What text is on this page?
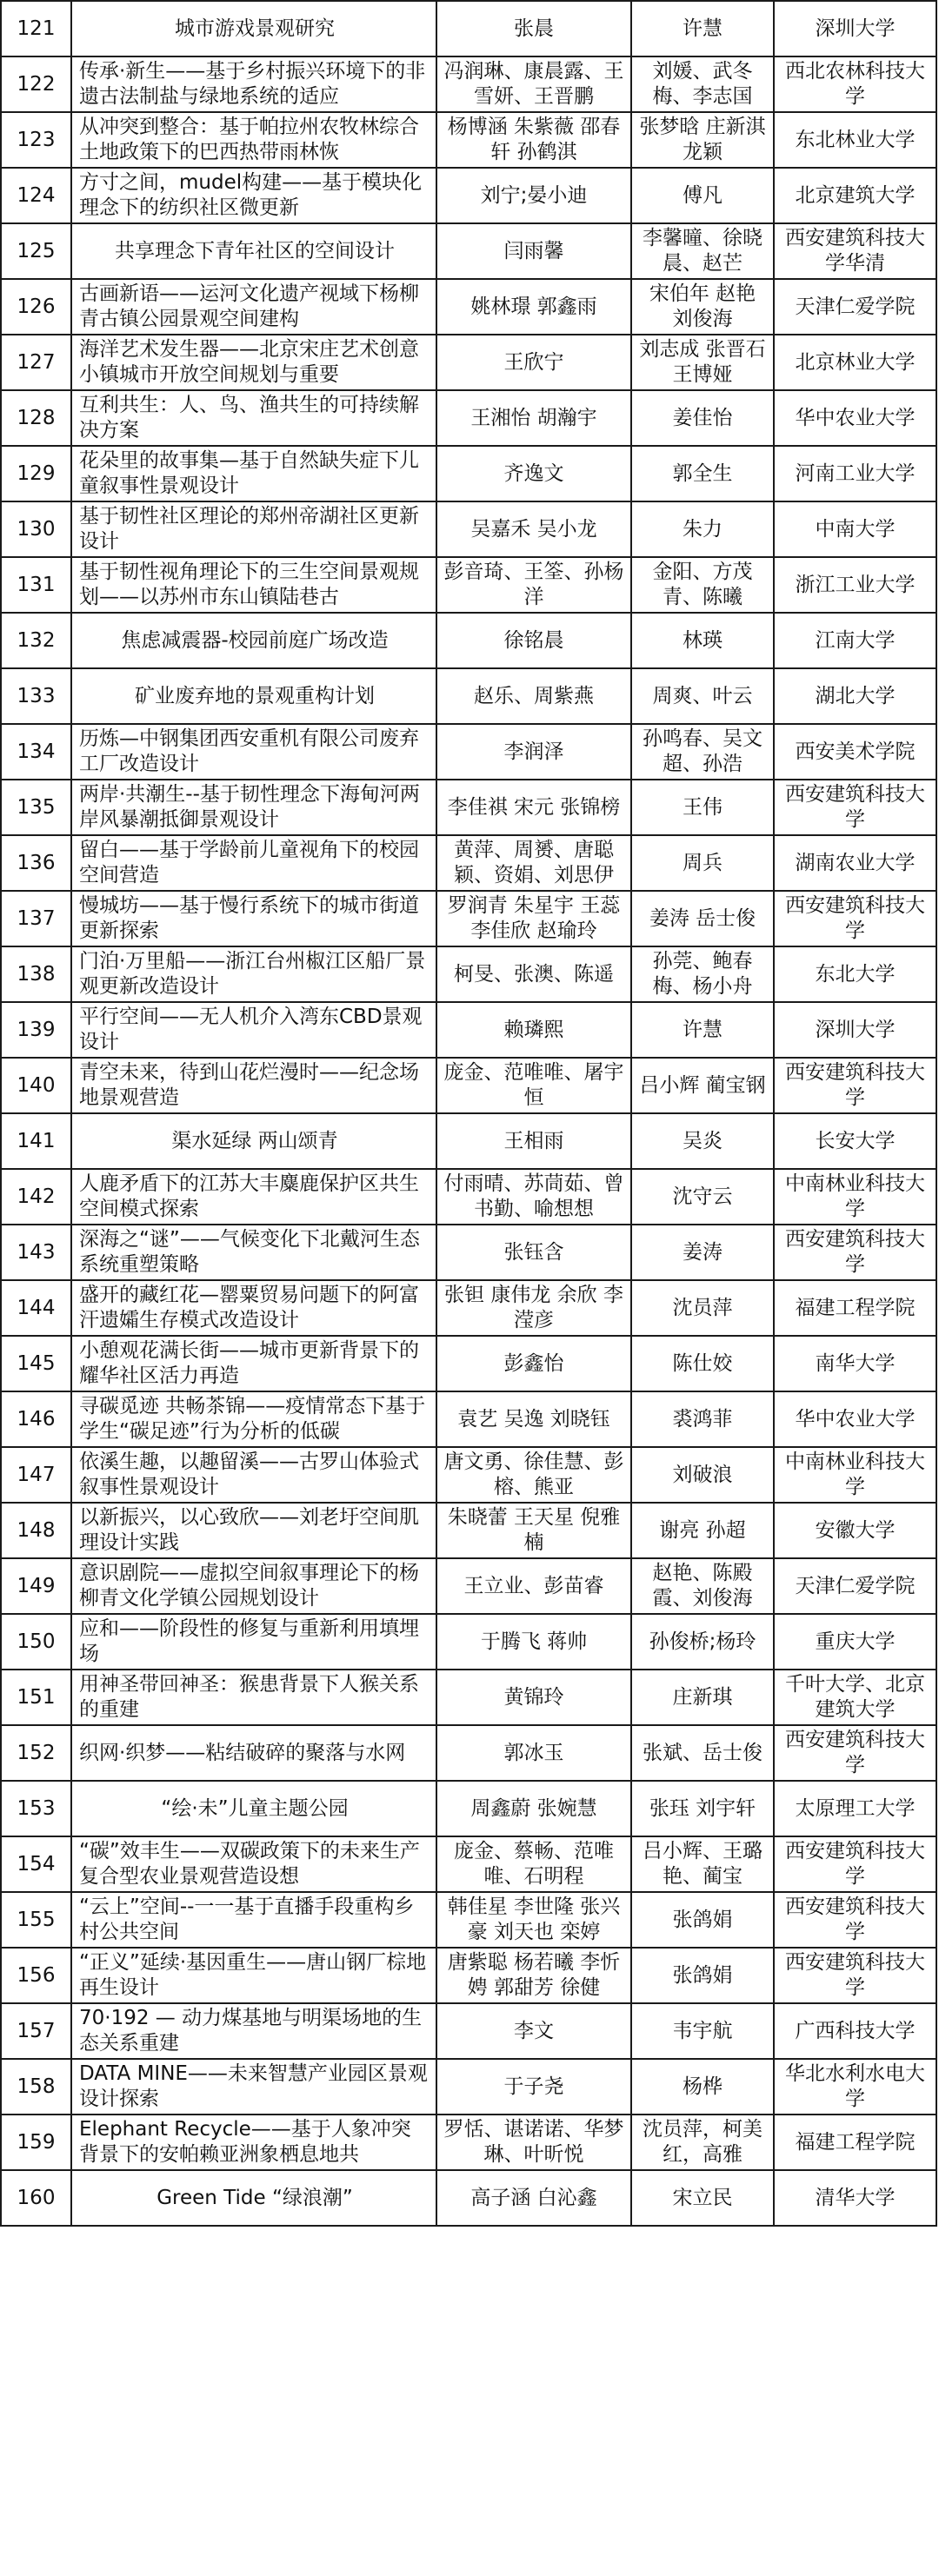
121	城市游戏景观研究	张晨	许慧	深圳大学
122	传承·新生——基于乡村振兴环境下的非遗古法制盐与绿地系统的适应	冯润琳、康晨露、王雪妍、王晋鹏	刘媛、武冬梅、李志国	西北农林科技大学
123	从冲突到整合：基于帕拉州农牧林综合土地政策下的巴西热带雨林恢	杨博涵 朱紫薇 邵春轩 孙鹤淇	张梦晗 庄新淇 龙颖	东北林业大学
124	方寸之间，mudel构建——基于模块化理念下的纺织社区微更新	刘宁;晏小迪	傅凡	北京建筑大学
125	共享理念下青年社区的空间设计	闫雨馨	李馨曈、徐晓晨、赵芒	西安建筑科技大学华清
126	古画新语——运河文化遗产视域下杨柳青古镇公园景观空间建构	姚林璟 郭鑫雨	宋伯年 赵艳 刘俊海	天津仁爱学院
127	海洋艺术发生器——北京宋庄艺术创意小镇城市开放空间规划与重要	王欣宁	刘志成 张晋石 王博娅	北京林业大学
128	互利共生：人、鸟、渔共生的可持续解决方案	王湘怡 胡瀚宇	姜佳怡	华中农业大学
129	花朵里的故事集—基于自然缺失症下儿童叙事性景观设计	齐逸文	郭全生	河南工业大学
130	基于韧性社区理论的郑州帝湖社区更新设计	吴嘉禾 吴小龙	朱力	中南大学
131	基于韧性视角理论下的三生空间景观规划——以苏州市东山镇陆巷古	彭音琦、王筌、孙杨洋	金阳、方茂青、陈曦	浙江工业大学
132	焦虑减震器-校园前庭广场改造	徐铭晨	林瑛	江南大学
133	矿业废弃地的景观重构计划	赵乐、周紫燕	周爽、叶云	湖北大学
134	历炼—中钢集团西安重机有限公司废弃工厂改造设计	李润泽	孙鸣春、吴文超、孙浩	西安美术学院
135	两岸·共潮生--基于韧性理念下海甸河两岸风暴潮抵御景观设计	李佳祺 宋元 张锦榜	王伟	西安建筑科技大学
136	留白——基于学龄前儿童视角下的校园空间营造	黄萍、周赟、唐聪颖、资娟、刘思伊	周兵	湖南农业大学
137	慢城坊——基于慢行系统下的城市街道更新探索	罗润青 朱星宇 王蕊 李佳欣 赵瑜玲	姜涛 岳士俊	西安建筑科技大学
138	门泊·万里船——浙江台州椒江区船厂景观更新改造设计	柯旻、张澳、陈遥	孙莞、鲍春梅、杨小舟	东北大学
139	平行空间——无人机介入湾东CBD景观设计	赖璘熙	许慧	深圳大学
140	青空未来，待到山花烂漫时——纪念场地景观营造	庞金、范唯唯、屠宇恒	吕小辉 蔺宝钢	西安建筑科技大学
141	渠水延绿 两山颂青	王相雨	吴炎	长安大学
142	人鹿矛盾下的江苏大丰麋鹿保护区共生空间模式探索	付雨晴、苏茼茹、曾书勤、喻想想	沈守云	中南林业科技大学
143	深海之“谜”——气候变化下北戴河生态系统重塑策略	张钰含	姜涛	西安建筑科技大学
144	盛开的藏红花—罂粟贸易问题下的阿富汗遗孀生存模式改造设计	张钽 康伟龙 余欣 李滢彦	沈员萍	福建工程学院
145	小憩观花满长街——城市更新背景下的耀华社区活力再造	彭鑫怡	陈仕姣	南华大学
146	寻碳觅迹 共畅茶锦——疫情常态下基于学生“碳足迹”行为分析的低碳	袁艺 吴逸 刘晓钰	裘鸿菲	华中农业大学
147	依溪生趣，以趣留溪——古罗山体验式叙事性景观设计	唐文勇、徐佳慧、彭榕、熊亚	刘破浪	中南林业科技大学
148	以新振兴，以心致欣——刘老圩空间肌理设计实践	朱晓蕾 王天星 倪雅楠	谢亮 孙超	安徽大学
149	意识剧院——虚拟空间叙事理论下的杨柳青文化学镇公园规划设计	王立业、彭苗睿	赵艳、陈殿霞、刘俊海	天津仁爱学院
150	应和——阶段性的修复与重新利用填埋场	于腾飞 蒋帅	孙俊桥;杨玲	重庆大学
151	用神圣带回神圣：猴患背景下人猴关系的重建	黄锦玲	庄新琪	千叶大学、北京建筑大学
152	织网·织梦——粘结破碎的聚落与水网	郭冰玉	张斌、岳士俊	西安建筑科技大学
153	“绘·未”儿童主题公园	周鑫蔚 张婉慧	张珏 刘宇轩	太原理工大学
154	“碳”效丰生——双碳政策下的未来生产复合型农业景观营造设想	庞金、蔡畅、范唯唯、石明程	吕小辉、王璐艳、蔺宝	西安建筑科技大学
155	“云上”空间--一一基于直播手段重构乡村公共空间	韩佳星 李世隆 张兴豪 刘天也 栾婷	张鸽娟	西安建筑科技大学
156	“正义”延续·基因重生——唐山钢厂棕地再生设计	唐紫聪 杨若曦 李忻娉 郭甜芳 徐健	张鸽娟	西安建筑科技大学
157	70·192 — 动力煤基地与明渠场地的生态关系重建	李文	韦宇航	广西科技大学
158	DATA MINE——未来智慧产业园区景观设计探索	于子尧	杨桦	华北水利水电大学
159	Elephant Recycle——基于人象冲突背景下的安帕赖亚洲象栖息地共	罗恬、谌诺诺、华梦琳、叶昕悦	沈员萍，柯美红，高雅	福建工程学院
160	Green Tide “绿浪潮”	高子涵 白沁鑫	宋立民	清华大学
